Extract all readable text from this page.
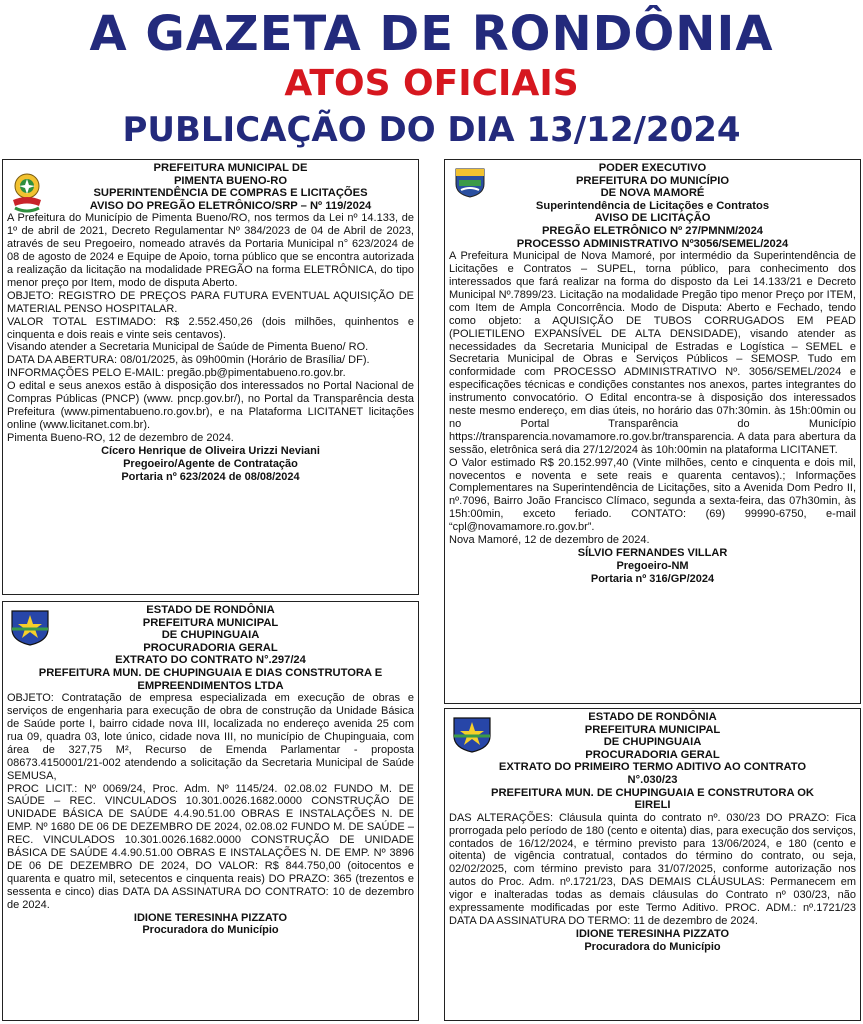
A GAZETA DE RONDÔNIA
ATOS OFICIAIS
PUBLICAÇÃO DO DIA 13/12/2024
PREFEITURA MUNICIPAL DE
PIMENTA BUENO-RO
SUPERINTENDÊNCIA DE COMPRAS E LICITAÇÕES
AVISO DO PREGÃO ELETRÔNICO/SRP – Nº 119/2024

A Prefeitura do Município de Pimenta Bueno/RO, nos termos da Lei nº 14.133, de 1º de abril de 2021, Decreto Regulamentar Nº 384/2023 de 04 de Abril de 2023, através de seu Pregoeiro, nomeado através da Portaria Municipal n° 623/2024 de 08 de agosto de 2024 e Equipe de Apoio, torna público que se encontra autorizada a realização da licitação na modalidade PREGÃO na forma ELETRÔNICA, do tipo menor preço por Item, modo de disputa Aberto.

OBJETO: REGISTRO DE PREÇOS PARA FUTURA EVENTUAL AQUISIÇÃO DE MATERIAL PENSO HOSPITALAR.

VALOR TOTAL ESTIMADO: R$ 2.552.450,26 (dois milhões, quinhentos e cinquenta e dois reais e vinte seis centavos).

Visando atender a Secretaria Municipal de Saúde de Pimenta Bueno/ RO.

DATA DA ABERTURA: 08/01/2025, às 09h00min (Horário de Brasília/ DF).

INFORMAÇÕES PELO E-MAIL: pregão.pb@pimentabueno.ro.gov.br.

O edital e seus anexos estão à disposição dos interessados no Portal Nacional de Compras Públicas (PNCP) (www. pncp.gov.br/), no Portal da Transparência desta Prefeitura (www.pimentabueno.ro.gov.br), e na Plataforma LICITANET licitações online (www.licitanet.com.br).

Pimenta Bueno-RO, 12 de dezembro de 2024.

Cícero Henrique de Oliveira Urizzi Neviani
Pregoeiro/Agente de Contratação
Portaria nº 623/2024 de 08/08/2024
PODER EXECUTIVO
PREFEITURA DO MUNICÍPIO
DE NOVA MAMORÉ
Superintendência de Licitações e Contratos
AVISO DE LICITAÇÃO
PREGÃO ELETRÔNICO Nº 27/PMNM/2024
PROCESSO ADMINISTRATIVO Nº3056/SEMEL/2024

A Prefeitura Municipal de Nova Mamoré, por intermédio da Superintendência de Licitações e Contratos – SUPEL, torna público, para conhecimento dos interessados que fará realizar na forma do disposto da Lei 14.133/21 e Decreto Municipal Nº.7899/23. Licitação na modalidade Pregão tipo menor Preço por ITEM, com Item de Ampla Concorrência. Modo de Disputa: Aberto e Fechado, tendo como objeto: a AQUISIÇÃO DE TUBOS CORRUGADOS EM PEAD (POLIETILENO EXPANSÍVEL DE ALTA DENSIDADE), visando atender as necessidades da Secretaria Municipal de Estradas e Logística – SEMEL e Secretaria Municipal de Obras e Serviços Públicos – SEMOSP. Tudo em conformidade com PROCESSO ADMINISTRATIVO Nº. 3056/SEMEL/2024 e especificações técnicas e condições constantes nos anexos, partes integrantes do instrumento convocatório. O Edital encontra-se à disposição dos interessados neste mesmo endereço, em dias úteis, no horário das 07h:30min. às 15h:00min ou no Portal Transparência do Município https://transparencia.novamamore.ro.gov.br/transparencia. A data para abertura da sessão, eletrônica será dia 27/12/2024 às 10h:00min na plataforma LICITANET.

O Valor estimado R$ 20.152.997,40 (Vinte milhões, cento e cinquenta e dois mil, novecentos e noventa e sete reais e quarenta centavos).; Informações Complementares na Superintendência de Licitações, sito a Avenida Dom Pedro II, nº.7096, Bairro João Francisco Clímaco, segunda a sexta-feira, das 07h30min, às 15h:00min, exceto feriado. CONTATO: (69) 99990-6750, e-mail “cpl@novamamore.ro.gov.br”.

Nova Mamoré, 12 de dezembro de 2024.

SÍLVIO FERNANDES VILLAR
Pregoeiro-NM
Portaria nº 316/GP/2024
ESTADO DE RONDÔNIA
PREFEITURA MUNICIPAL
DE CHUPINGUAIA
PROCURADORIA GERAL
EXTRATO DO CONTRATO N°.297/24
PREFEITURA MUN. DE CHUPINGUAIA E DIAS CONSTRUTORA E
EMPREENDIMENTOS LTDA

OBJETO: Contratação de empresa especializada em execução de obras e serviços de engenharia para execução de obra de construção da Unidade Básica de Saúde porte I, bairro cidade nova III, localizada no endereço avenida 25 com rua 09, quadra 03, lote único, cidade nova III, no município de Chupinguaia, com área de 327,75 M², Recurso de Emenda Parlamentar - proposta 08673.4150001/21-002 atendendo a solicitação da Secretaria Municipal de Saúde SEMUSA,

PROC LICIT.: Nº 0069/24, Proc. Adm. Nº 1145/24. 02.08.02 FUNDO M. DE SAÚDE – REC. VINCULADOS 10.301.0026.1682.0000 CONSTRUÇÃO DE UNIDADE BÁSICA DE SAÚDE 4.4.90.51.00 OBRAS E INSTALAÇÕES N. DE EMP. Nº 1680 DE 06 DE DEZEMBRO DE 2024, 02.08.02 FUNDO M. DE SAÚDE – REC. VINCULADOS 10.301.0026.1682.0000 CONSTRUÇÃO DE UNIDADE BÁSICA DE SAÚDE 4.4.90.51.00 OBRAS E INSTALAÇÕES N. DE EMP. Nº 3896 DE 06 DE DEZEMBRO DE 2024, DO VALOR: R$ 844.750,00 (oitocentos e quarenta e quatro mil, setecentos e cinquenta reais) DO PRAZO: 365 (trezentos e sessenta e cinco) dias DATA DA ASSINATURA DO CONTRATO: 10 de dezembro de 2024.

IDIONE TERESINHA PIZZATO
Procuradora do Município
ESTADO DE RONDÔNIA
PREFEITURA MUNICIPAL
DE CHUPINGUAIA
PROCURADORIA GERAL
EXTRATO DO PRIMEIRO TERMO ADITIVO AO CONTRATO
N°.030/23
PREFEITURA MUN. DE CHUPINGUAIA E CONSTRUTORA OK
EIRELI

DAS ALTERAÇÕES: Cláusula quinta do contrato nº. 030/23 DO PRAZO: Fica prorrogada pelo período de 180 (cento e oitenta) dias, para execução dos serviços, contados de 16/12/2024, e término previsto para 13/06/2024, e 180 (cento e oitenta) de vigência contratual, contados do término do contrato, ou seja, 02/02/2025, com término previsto para 31/07/2025, conforme autorização nos autos do Proc. Adm. nº.1721/23, DAS DEMAIS CLÁUSULAS: Permanecem em vigor e inalteradas todas as demais cláusulas do Contrato nº 030/23, não expressamente modificadas por este Termo Aditivo. PROC. ADM.: nº.1721/23 DATA DA ASSINATURA DO TERMO: 11 de dezembro de 2024.

IDIONE TERESINHA PIZZATO
Procuradora do Município
